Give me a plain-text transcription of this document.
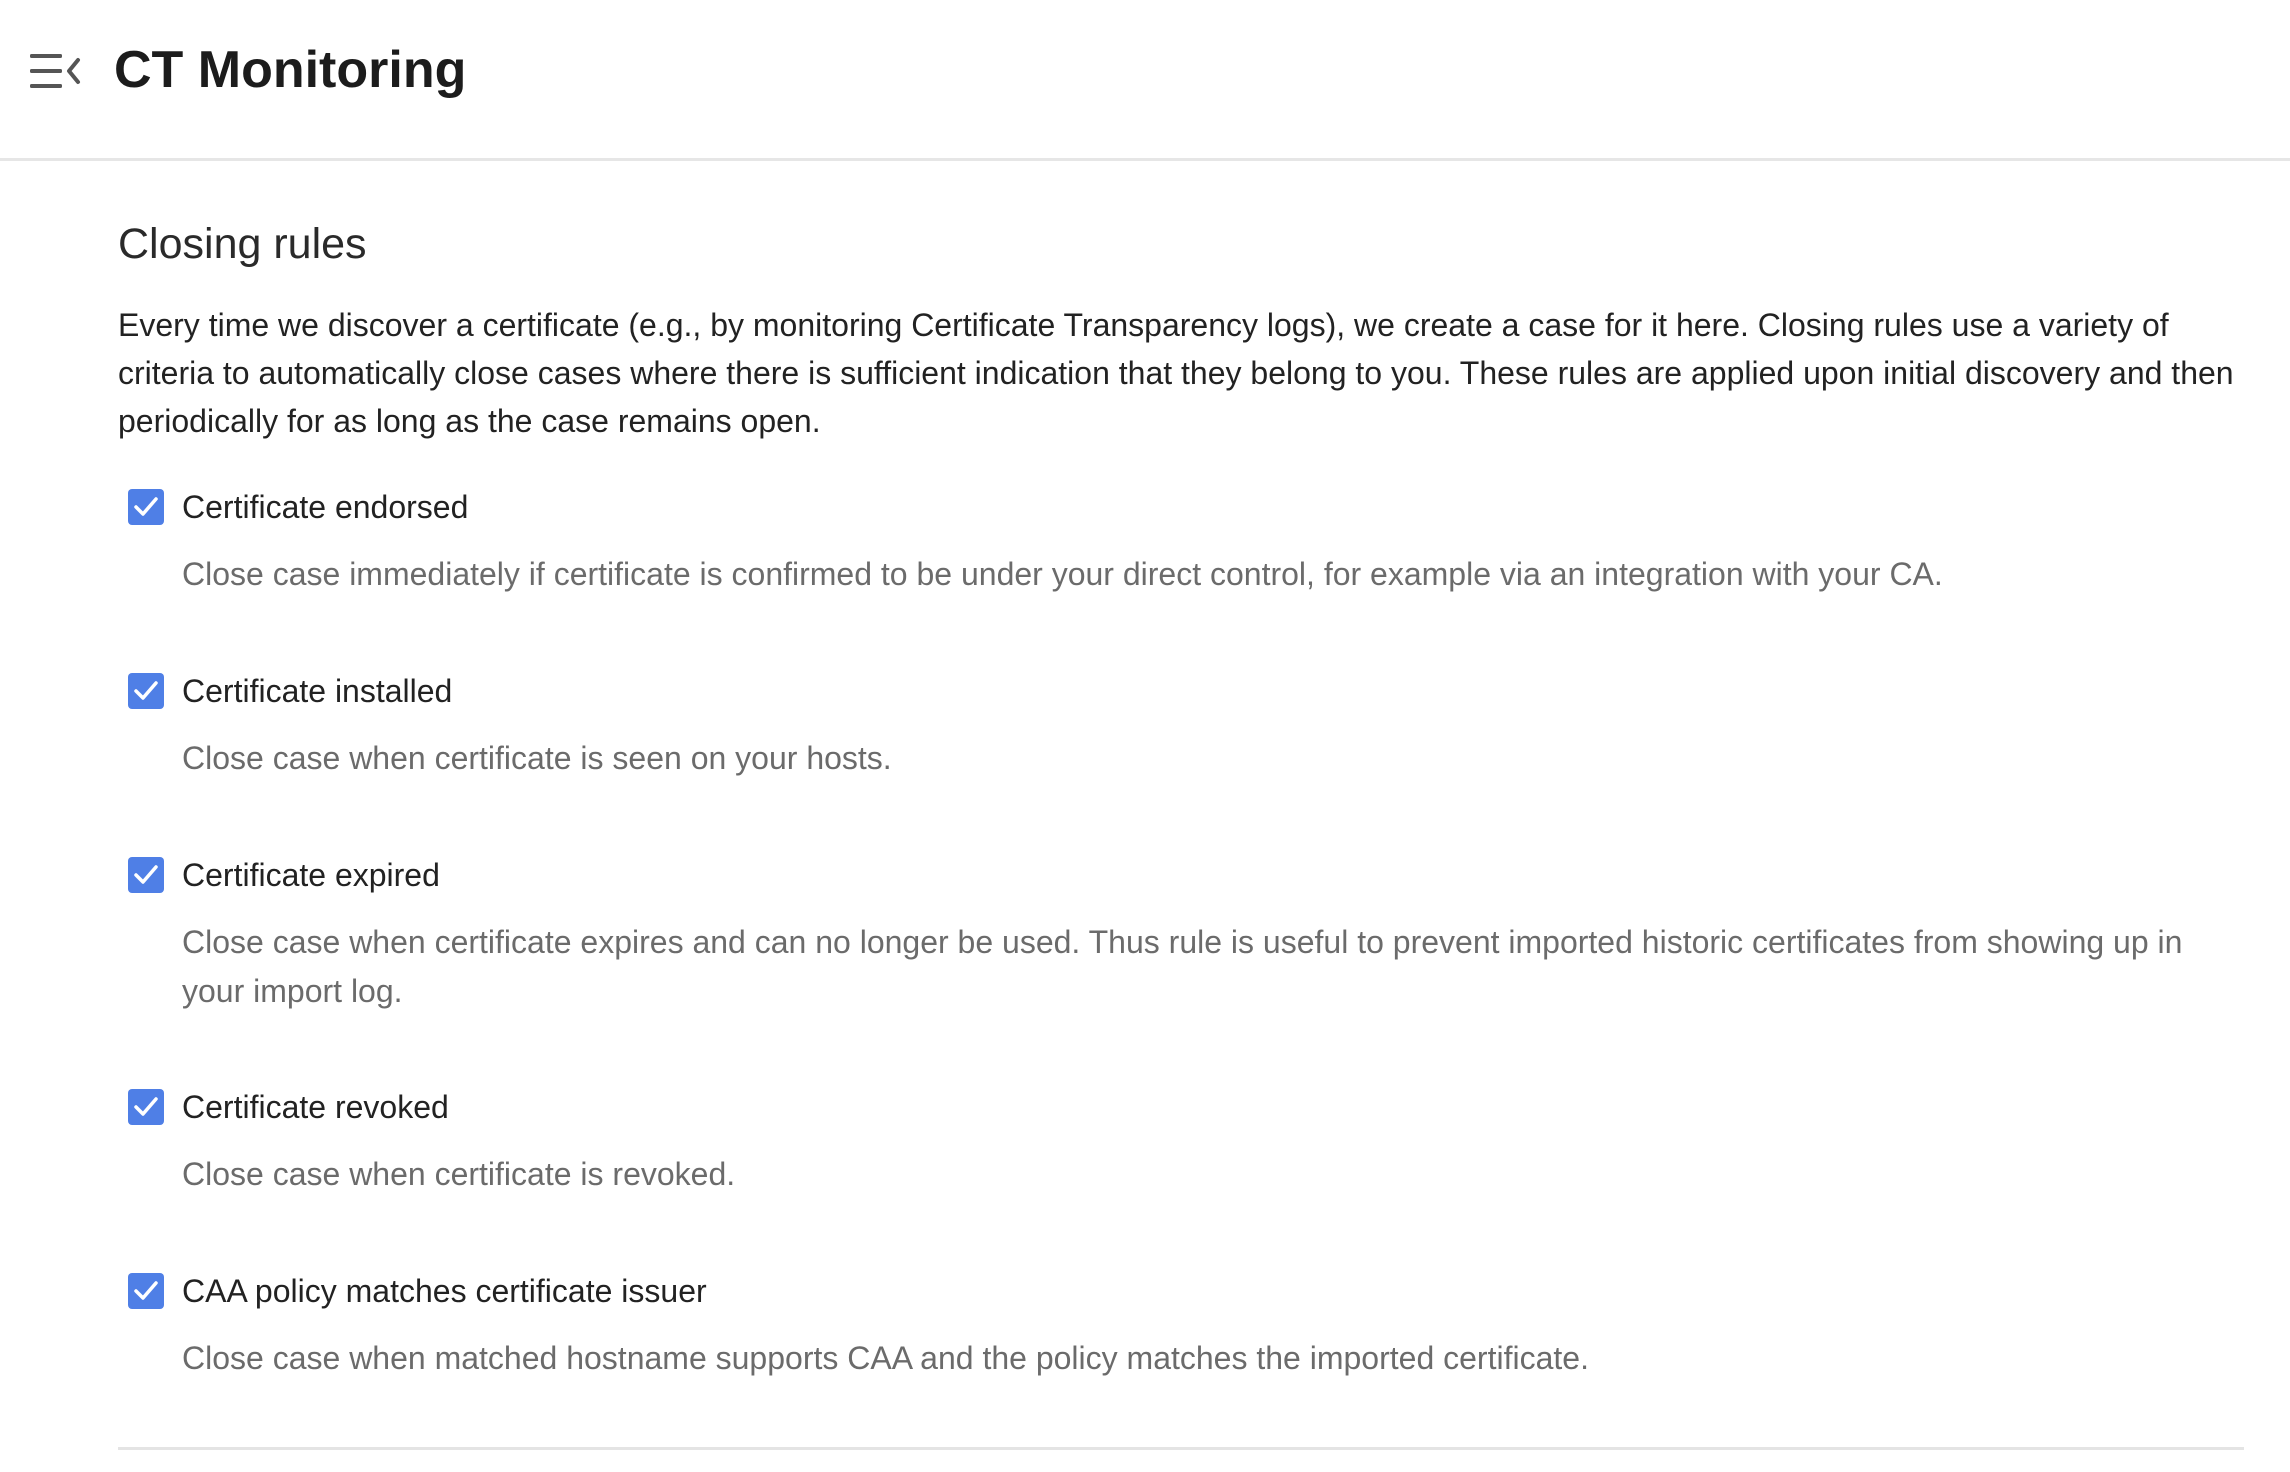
CT Monitoring
Closing rules
Every time we discover a certificate (e.g., by monitoring Certificate Transparency logs), we create a case for it here. Closing rules use a variety of criteria to automatically close cases where there is sufficient indication that they belong to you. These rules are applied upon initial discovery and then periodically for as long as the case remains open.
Certificate endorsed
Close case immediately if certificate is confirmed to be under your direct control, for example via an integration with your CA.
Certificate installed
Close case when certificate is seen on your hosts.
Certificate expired
Close case when certificate expires and can no longer be used. Thus rule is useful to prevent imported historic certificates from showing up in your import log.
Certificate revoked
Close case when certificate is revoked.
CAA policy matches certificate issuer
Close case when matched hostname supports CAA and the policy matches the imported certificate.
